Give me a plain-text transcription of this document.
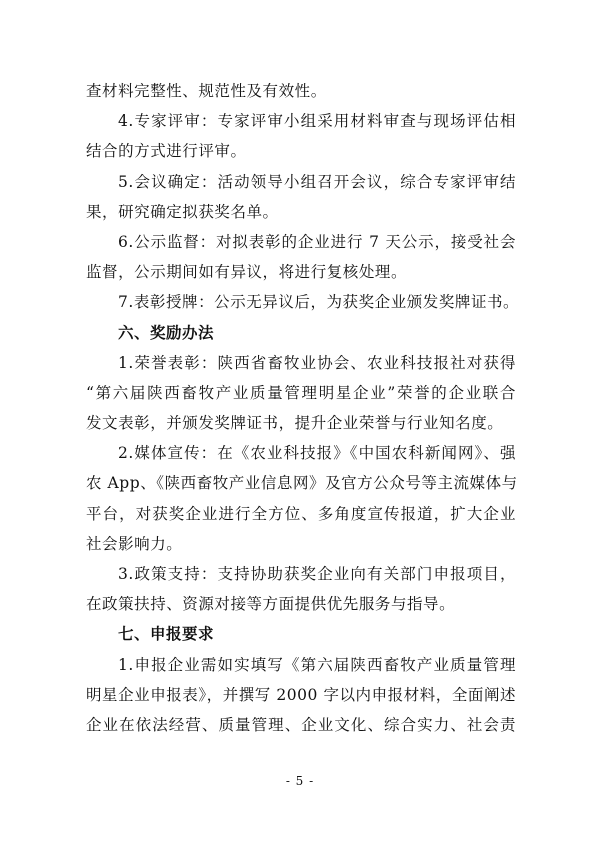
查材料完整性、规范性及有效性。
4.专家评审：专家评审小组采用材料审查与现场评估相
结合的方式进行评审。
5.会议确定：活动领导小组召开会议，综合专家评审结
果，研究确定拟获奖名单。
6.公示监督：对拟表彰的企业进行 7 天公示，接受社会
监督，公示期间如有异议，将进行复核处理。
7.表彰授牌：公示无异议后，为获奖企业颁发奖牌证书。
六、奖励办法
1.荣誉表彰：陕西省畜牧业协会、农业科技报社对获得
“第六届陕西畜牧产业质量管理明星企业”荣誉的企业联合
发文表彰，并颁发奖牌证书，提升企业荣誉与行业知名度。
2.媒体宣传：在《农业科技报》《中国农科新闻网》、强
农 App、《陕西畜牧产业信息网》及官方公众号等主流媒体与
平台，对获奖企业进行全方位、多角度宣传报道，扩大企业
社会影响力。
3.政策支持：支持协助获奖企业向有关部门申报项目，
在政策扶持、资源对接等方面提供优先服务与指导。
七、申报要求
1.申报企业需如实填写《第六届陕西畜牧产业质量管理
明星企业申报表》，并撰写 2000 字以内申报材料，全面阐述
企业在依法经营、质量管理、企业文化、综合实力、社会责
- 5 -
